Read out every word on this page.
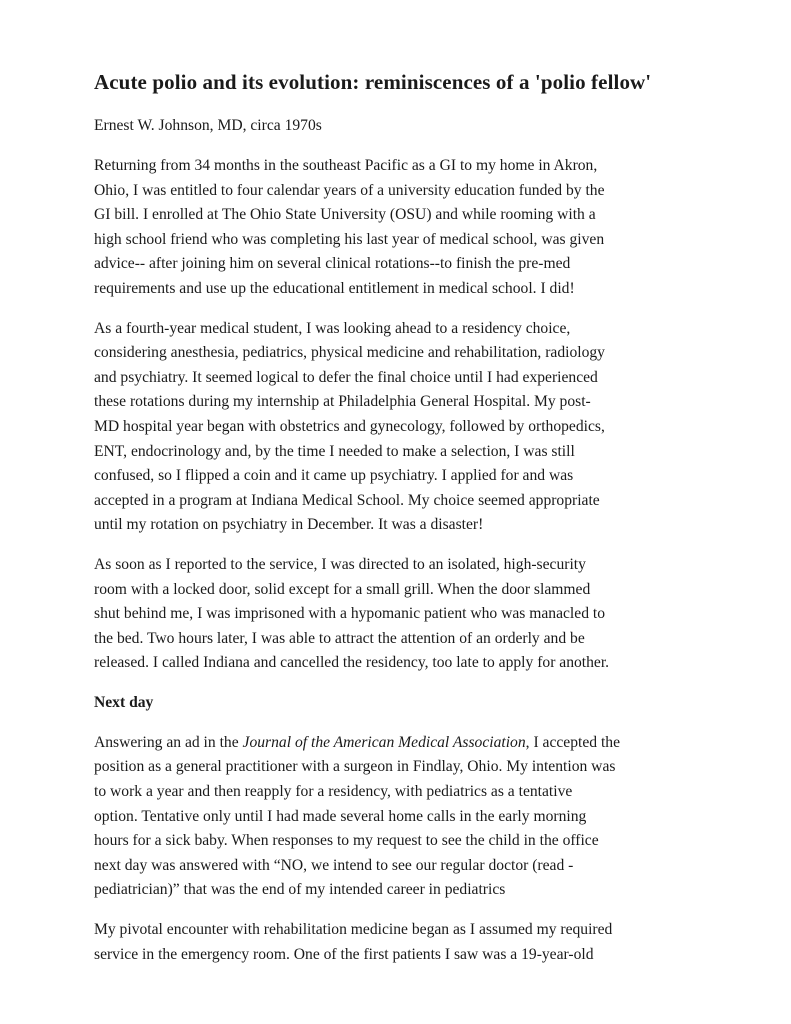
Acute polio and its evolution: reminiscences of a 'polio fellow'
Ernest W. Johnson, MD, circa 1970s

Returning from 34 months in the southeast Pacific as a GI to my home in Akron,
Ohio, I was entitled to four calendar years of a university education funded by the
GI bill. I enrolled at The Ohio State University (OSU) and while rooming with a
high school friend who was completing his last year of medical school, was given
advice-- after joining him on several clinical rotations--to finish the pre-med
requirements and use up the educational entitlement in medical school. I did!

As a fourth-year medical student, I was looking ahead to a residency choice,
considering anesthesia, pediatrics, physical medicine and rehabilitation, radiology
and psychiatry. It seemed logical to defer the final choice until I had experienced
these rotations during my internship at Philadelphia General Hospital. My post-
MD hospital year began with obstetrics and gynecology, followed by orthopedics,
ENT, endocrinology and, by the time I needed to make a selection, I was still
confused, so I flipped a coin and it came up psychiatry. I applied for and was
accepted in a program at Indiana Medical School. My choice seemed appropriate
until my rotation on psychiatry in December. It was a disaster!

As soon as I reported to the service, I was directed to an isolated, high-security
room with a locked door, solid except for a small grill. When the door slammed
shut behind me, I was imprisoned with a hypomanic patient who was manacled to
the bed. Two hours later, I was able to attract the attention of an orderly and be
released. I called Indiana and cancelled the residency, too late to apply for another.

Next day

Answering an ad in the Journal of the American Medical Association, I accepted the
position as a general practitioner with a surgeon in Findlay, Ohio. My intention was
to work a year and then reapply for a residency, with pediatrics as a tentative
option. Tentative only until I had made several home calls in the early morning
hours for a sick baby. When responses to my request to see the child in the office
next day was answered with “NO, we intend to see our regular doctor (read -
pediatrician)” that was the end of my intended career in pediatrics

My pivotal encounter with rehabilitation medicine began as I assumed my required
service in the emergency room. One of the first patients I saw was a 19-year-old
